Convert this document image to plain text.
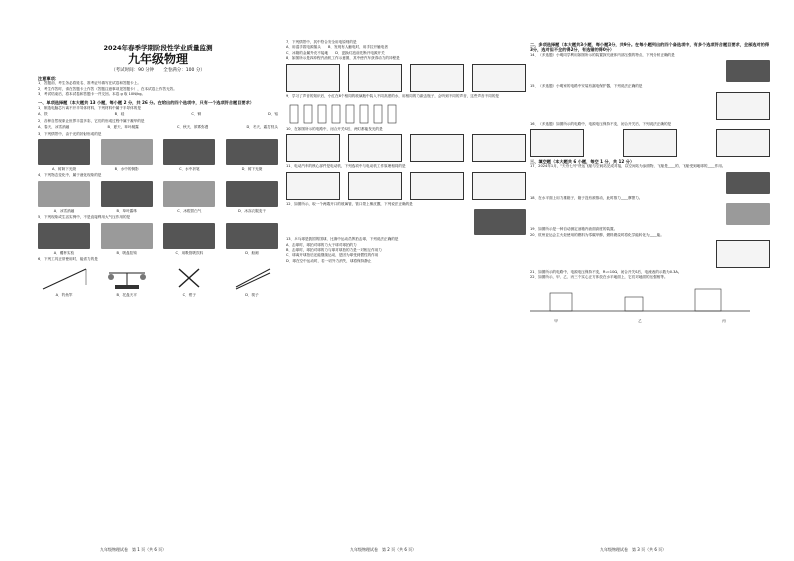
2024年春季学期阶段性学业质量监测
九年级物理
（考试时间：90 分钟　　全卷满分：100 分）
注意事项：
1．答题前，考生务必将姓名、准考证号填写在试卷和答题卡上。
2．考生作答时，请在答题卡上作答（答题注意事项见答题卡），在本试卷上作答无效。
3．考试结束后，将本试卷和答题卡一并交回。本卷 g 取 10N/kg。
一、单项选择题（本大题共 13 小题，每小题 2 分，共 26 分。在给出的四个选项中，只有一个选项符合题目要求）
1．制造电脑芯片离不开半导体材料，下列材料中属于半导体的是
A．铁	B．硅	C．铜	D．铝
2．各种自然现象让世界丰富多彩，它们的形成过程中属于凝华的是
A．春天，冰雪消融	B．夏天，草叶凝露	C．秋天，浓雾弥漫	D．冬天，霜打枝头
3．下列情景中，由于光的折射形成的是
A．树荫下光斑	B．水中的倒影	C．水中折笔	D．树下光斑
4．下列物态变化中，属于液化现象的是
A．冰雪消融	B．草叶露珠	C．冰棍冒白气	D．冰冻衣服变干
5．下列现象或生活实例中，不是直接利用大气压作用的是
A．覆杯实验	B．吸盘挂钩	C．用吸管吸饮料	D．船闸
6．下列工具正常使用时，能省力的是
A．钓鱼竿	B．托盘天平	C．钳子	D．筷子
7．下列情景中，其中符合安全用电原则的是
A．用湿手拔电源插头　　B．发现有人触电时，用手拉开触电者
C．冰箱的金属外壳不接地　　D．更换灯泡前先断开电源开关
8．如图所示是四冲程汽油机工作示意图，其中使汽车获得动力的冲程是
9．学习了声音的知识后，小红在8个相同的玻璃瓶中装入不同高度的水，用相同的力敲击瓶子，会听到不同的声音，这些声音不同的是
10．在如图所示的电路中，闭合开关S后，两灯都能发光的是
11．电动汽车的核心部件是电动机，下列选项中与电动机工作原理相同的是
12．如图所示，取一个两端开口的玻璃管，管口蒙上橡皮膜，下列说法正确的是
13．乒乓球是我国的国球，比赛中运动员挥拍击球，下列说法正确的是
A．击球时，球拍对球的力大于球对球拍的力
B．击球时，球拍对球的力与球对球拍的力是一对相互作用力
C．球离开球拍后还能继续运动，是因为球受到惯性的作用
D．球在空中运动时，若一切外力消失，球将保持静止
二、多项选择题（本大题共3小题，每小题3分，共9分。在每小题列出的四个备选项中，有多个选项符合题目要求，全部选对的得3分，选对但不全的得2分，有选错的得0分）
14．（多选题）小明同学利用如图所示的装置探究液体内部压强的特点，下列分析正确的是
15．（多选题）小明家的电路中安装有漏电保护器，下列说法正确的是
16．（多选题）如图所示的电路中，电源电压保持不变，闭合开关后，下列说法正确的是
三、填空题（本大题共 6 小题，每空 1 分，共 12 分）
17．2024年1月，"天舟七号"货运飞船与空间站完成对接，以空间站为参照物，飞船是____的，飞船受到地球的____作用。
18．在水平面上用力推箱子，箱子没有被推动，此时推力____摩擦力。
19．如图所示是一种自动测定油箱内油面高度的装置。
20．杭州亚运会主火炬使用的燃料为零碳甲醇，燃料燃烧时将化学能转化为____能。
21．如图所示的电路中，电源电压保持不变，R₁=10Ω，闭合开关S后，电流表的示数为0.3A。
22．如图所示，甲、乙、丙三个实心正方体放在水平地面上，它们对地面的压强相等。
甲	乙	丙
九年级物理试卷　第 1 页（共 6 页）	九年级物理试卷　第 2 页（共 6 页）	九年级物理试卷　第 3 页（共 6 页）
